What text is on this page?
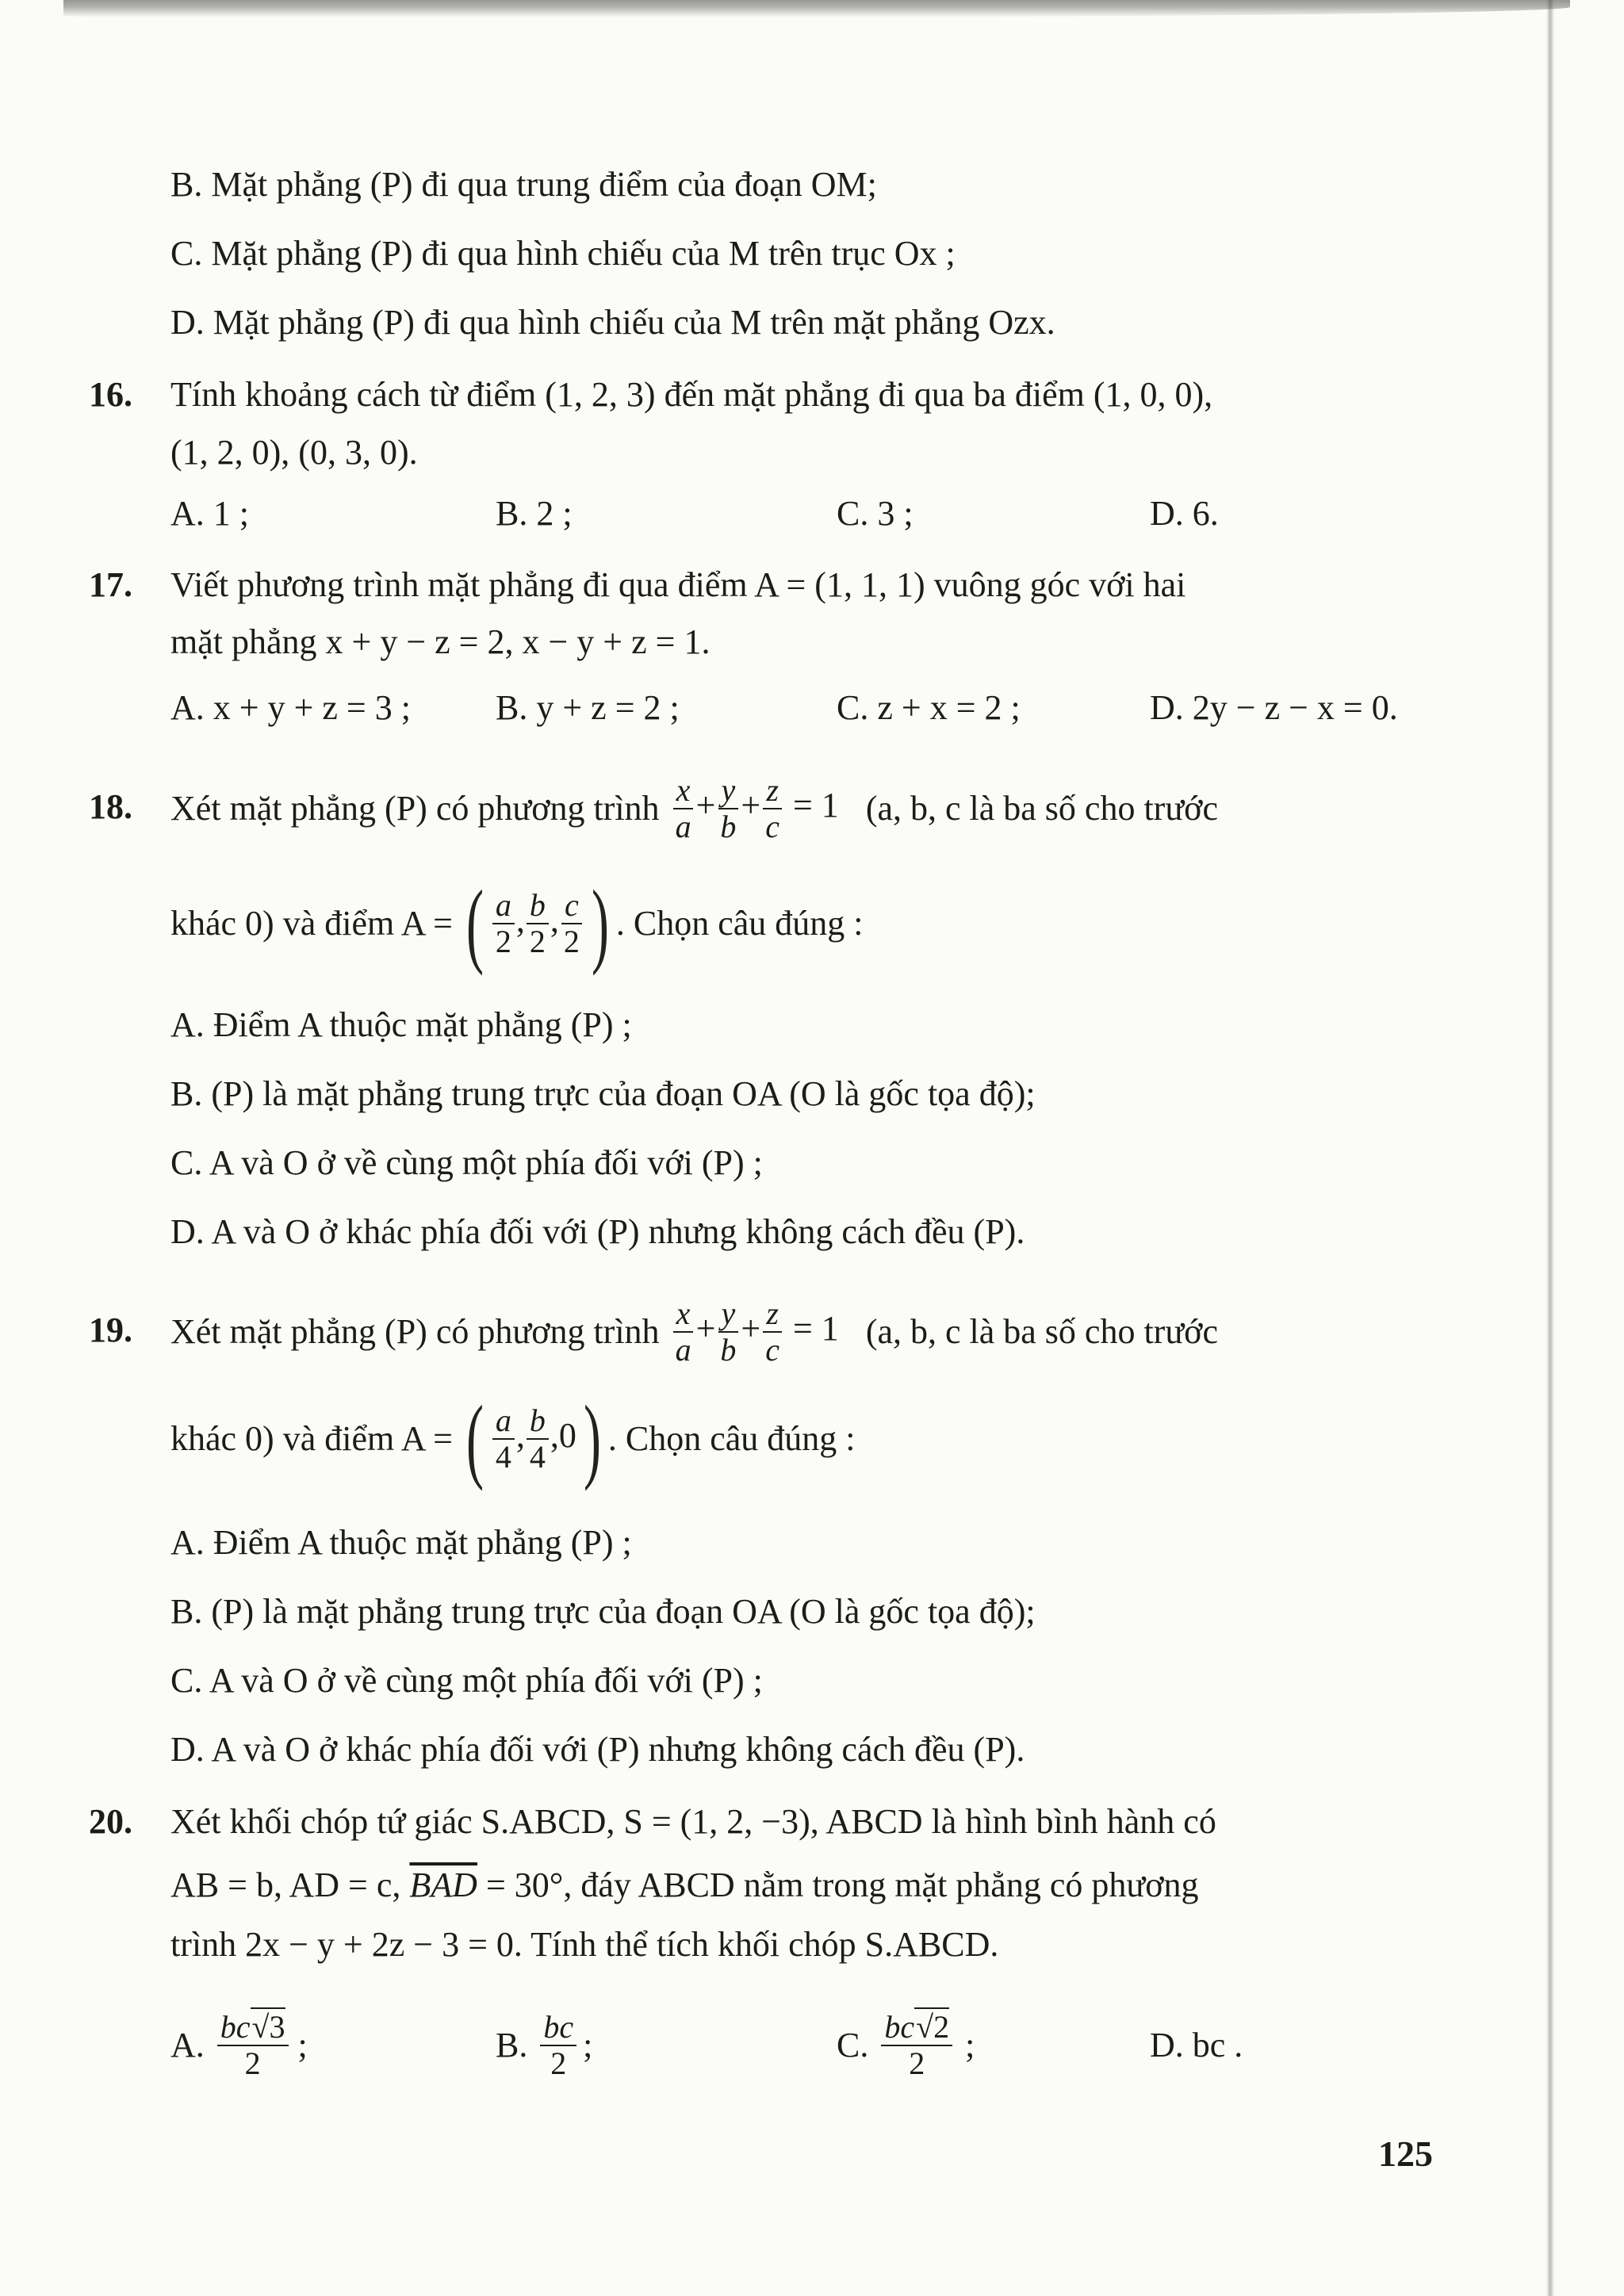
B. Mặt phẳng (P) đi qua trung điểm của đoạn OM;
C. Mặt phẳng (P) đi qua hình chiếu của M trên trục Ox ;
D. Mặt phẳng (P) đi qua hình chiếu của M trên mặt phẳng Ozx.
16. Tính khoảng cách từ điểm (1, 2, 3) đến mặt phẳng đi qua ba điểm (1, 0, 0),
(1, 2, 0), (0, 3, 0).
A. 1 ;	B. 2 ;	C. 3 ;	D. 6.
17. Viết phương trình mặt phẳng đi qua điểm A = (1, 1, 1) vuông góc với hai
mặt phẳng x + y − z = 2, x − y + z = 1.
A. x + y + z = 3 ; B. y + z = 2 ;	C. z + x = 2 ;	D. 2y − z − x = 0.
18. Xét mặt phẳng (P) có phương trình $\frac{x}{a} + \frac{y}{b} + \frac{z}{c} = 1$ (a, b, c là ba số cho trước
khác 0) và điểm A = ( $\frac{a}{2}$ , $\frac{b}{2}$ , $\frac{c}{2}$ ) . Chọn câu đúng :
A. Điểm A thuộc mặt phẳng (P) ;
B. (P) là mặt phẳng trung trực của đoạn OA (O là gốc tọa độ);
C. A và O ở về cùng một phía đối với (P) ;
D. A và O ở khác phía đối với (P) nhưng không cách đều (P).
19. Xét mặt phẳng (P) có phương trình $\frac{x}{a} + \frac{y}{b} + \frac{z}{c} = 1$ (a, b, c là ba số cho trước
khác 0) và điểm A = ( $\frac{a}{4}$ , $\frac{b}{4} ,0$) . Chọn câu đúng :
A. Điểm A thuộc mặt phẳng (P) ;
B. (P) là mặt phẳng trung trực của đoạn OA (O là gốc tọa độ);
C. A và O ở về cùng một phía đối với (P) ;
D. A và O ở khác phía đối với (P) nhưng không cách đều (P).
20. Xét khối chóp tứ giác S.ABCD, S = (1, 2, −3), ABCD là hình bình hành có
AB = b, AD = c, $\overline{BAD} = 30^\circ$, đáy ABCD nằm trong mặt phẳng có phương
trình 2x − y + 2z − 3 = 0. Tính thể tích khối chóp S.ABCD.
A. $\frac{bc√3}{2}$ ;	B. $\frac{bc}{2}$ ;	C. $\frac{bc√2}{2}$ ;	D. bc .
125
